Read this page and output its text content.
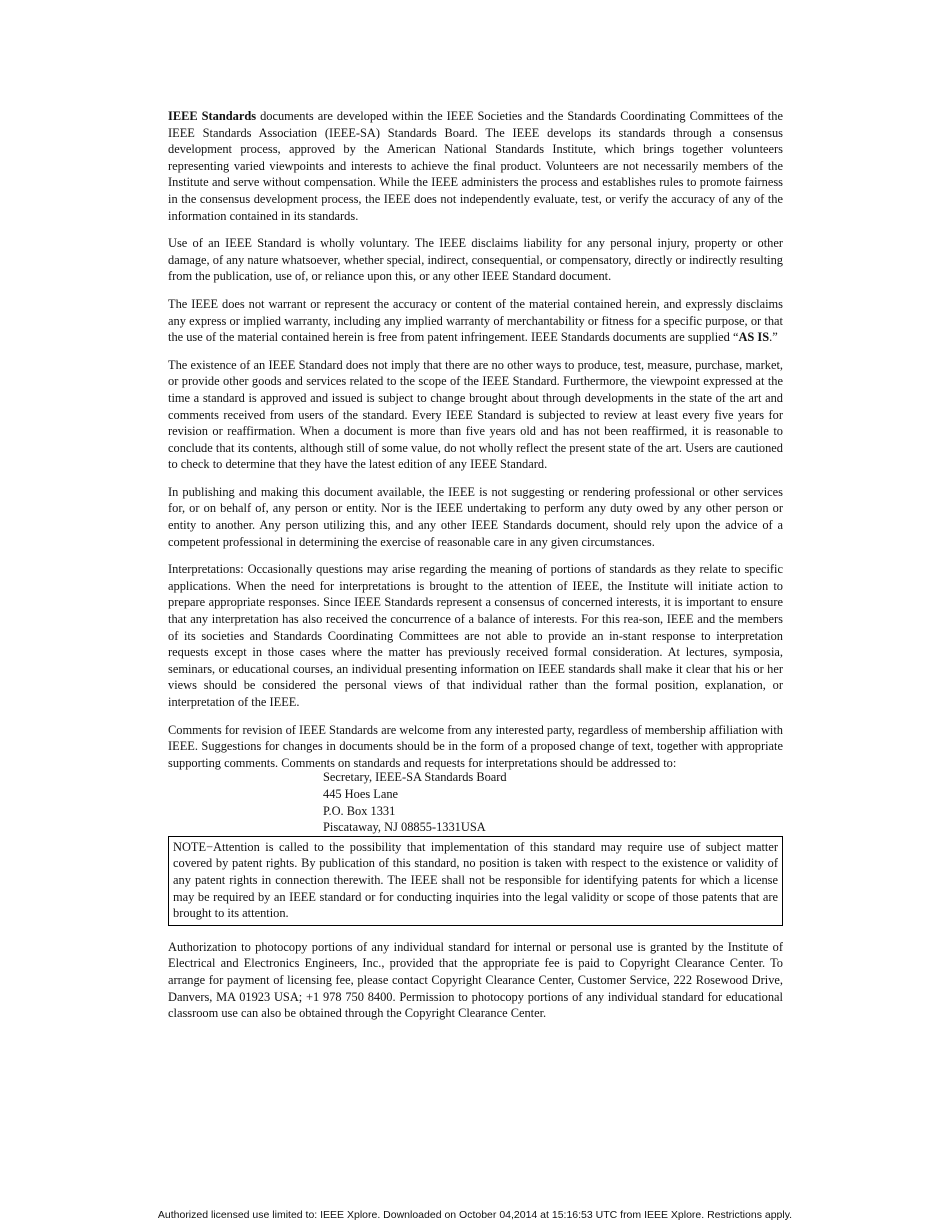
IEEE Standards documents are developed within the IEEE Societies and the Standards Coordinating Committees of the IEEE Standards Association (IEEE-SA) Standards Board. The IEEE develops its standards through a consensus development process, approved by the American National Standards Institute, which brings together volunteers representing varied viewpoints and interests to achieve the final product. Volunteers are not necessarily members of the Institute and serve without compensation. While the IEEE administers the process and establishes rules to promote fairness in the consensus development process, the IEEE does not independently evaluate, test, or verify the accuracy of any of the information contained in its standards.

Use of an IEEE Standard is wholly voluntary. The IEEE disclaims liability for any personal injury, property or other damage, of any nature whatsoever, whether special, indirect, consequential, or compensatory, directly or indirectly resulting from the publication, use of, or reliance upon this, or any other IEEE Standard document.

The IEEE does not warrant or represent the accuracy or content of the material contained herein, and expressly disclaims any express or implied warranty, including any implied warranty of merchantability or fitness for a specific purpose, or that the use of the material contained herein is free from patent infringement. IEEE Standards documents are supplied “AS IS.”

The existence of an IEEE Standard does not imply that there are no other ways to produce, test, measure, purchase, market, or provide other goods and services related to the scope of the IEEE Standard. Furthermore, the viewpoint expressed at the time a standard is approved and issued is subject to change brought about through developments in the state of the art and comments received from users of the standard. Every IEEE Standard is subjected to review at least every five years for revision or reaffirmation. When a document is more than five years old and has not been reaffirmed, it is reasonable to conclude that its contents, although still of some value, do not wholly reflect the present state of the art. Users are cautioned to check to determine that they have the latest edition of any IEEE Standard.

In publishing and making this document available, the IEEE is not suggesting or rendering professional or other services for, or on behalf of, any person or entity. Nor is the IEEE undertaking to perform any duty owed by any other person or entity to another. Any person utilizing this, and any other IEEE Standards document, should rely upon the advice of a competent professional in determining the exercise of reasonable care in any given circumstances.

Interpretations: Occasionally questions may arise regarding the meaning of portions of standards as they relate to specific applications. When the need for interpretations is brought to the attention of IEEE, the Institute will initiate action to prepare appropriate responses. Since IEEE Standards represent a consensus of concerned interests, it is important to ensure that any interpretation has also received the concurrence of a balance of interests. For this rea-son, IEEE and the members of its societies and Standards Coordinating Committees are not able to provide an in-stant response to interpretation requests except in those cases where the matter has previously received formal consideration. At lectures, symposia, seminars, or educational courses, an individual presenting information on IEEE standards shall make it clear that his or her views should be considered the personal views of that individual rather than the formal position, explanation, or interpretation of the IEEE.

Comments for revision of IEEE Standards are welcome from any interested party, regardless of membership affiliation with IEEE. Suggestions for changes in documents should be in the form of a proposed change of text, together with appropriate supporting comments. Comments on standards and requests for interpretations should be addressed to:

Secretary, IEEE-SA Standards Board
445 Hoes Lane
P.O. Box 1331
Piscataway, NJ 08855-1331USA

NOTE−Attention is called to the possibility that implementation of this standard may require use of subject matter covered by patent rights. By publication of this standard, no position is taken with respect to the existence or validity of any patent rights in connection therewith. The IEEE shall not be responsible for identifying patents for which a license may be required by an IEEE standard or for conducting inquiries into the legal validity or scope of those patents that are brought to its attention.

Authorization to photocopy portions of any individual standard for internal or personal use is granted by the Institute of Electrical and Electronics Engineers, Inc., provided that the appropriate fee is paid to Copyright Clearance Center. To arrange for payment of licensing fee, please contact Copyright Clearance Center, Customer Service, 222 Rosewood Drive, Danvers, MA 01923 USA; +1 978 750 8400. Permission to photocopy portions of any individual standard for educational classroom use can also be obtained through the Copyright Clearance Center.

Authorized licensed use limited to: IEEE Xplore. Downloaded on October 04,2014 at 15:16:53 UTC from IEEE Xplore. Restrictions apply.
